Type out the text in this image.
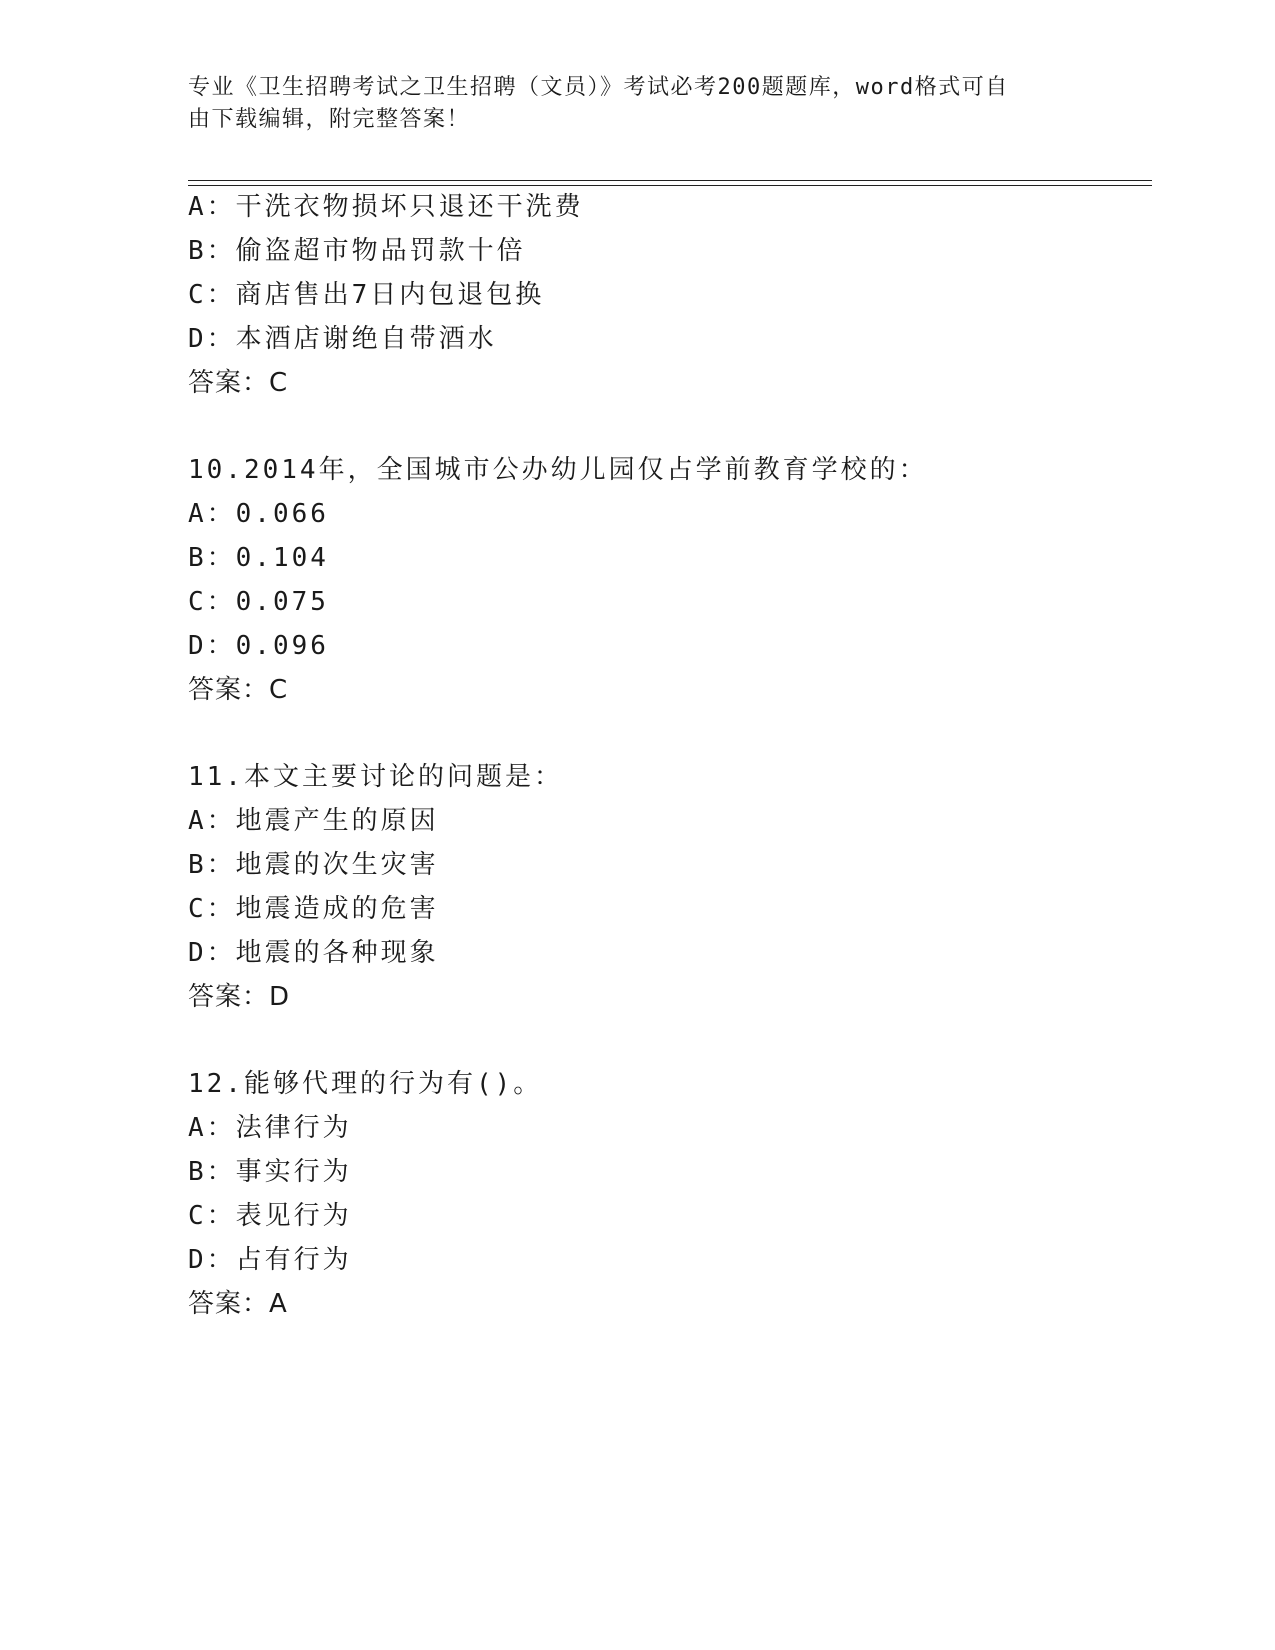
专业《卫生招聘考试之卫生招聘（文员）》考试必考200题题库，word格式可自
由下载编辑，附完整答案！
A：干洗衣物损坏只退还干洗费
B：偷盗超市物品罚款十倍
C：商店售出7日内包退包换
D：本酒店谢绝自带酒水
答案：C
10.2014年，全国城市公办幼儿园仅占学前教育学校的：
A：0.066
B：0.104
C：0.075
D：0.096
答案：C
11.本文主要讨论的问题是：
A：地震产生的原因
B：地震的次生灾害
C：地震造成的危害
D：地震的各种现象
答案：D
12.能够代理的行为有()。
A：法律行为
B：事实行为
C：表见行为
D：占有行为
答案：A
